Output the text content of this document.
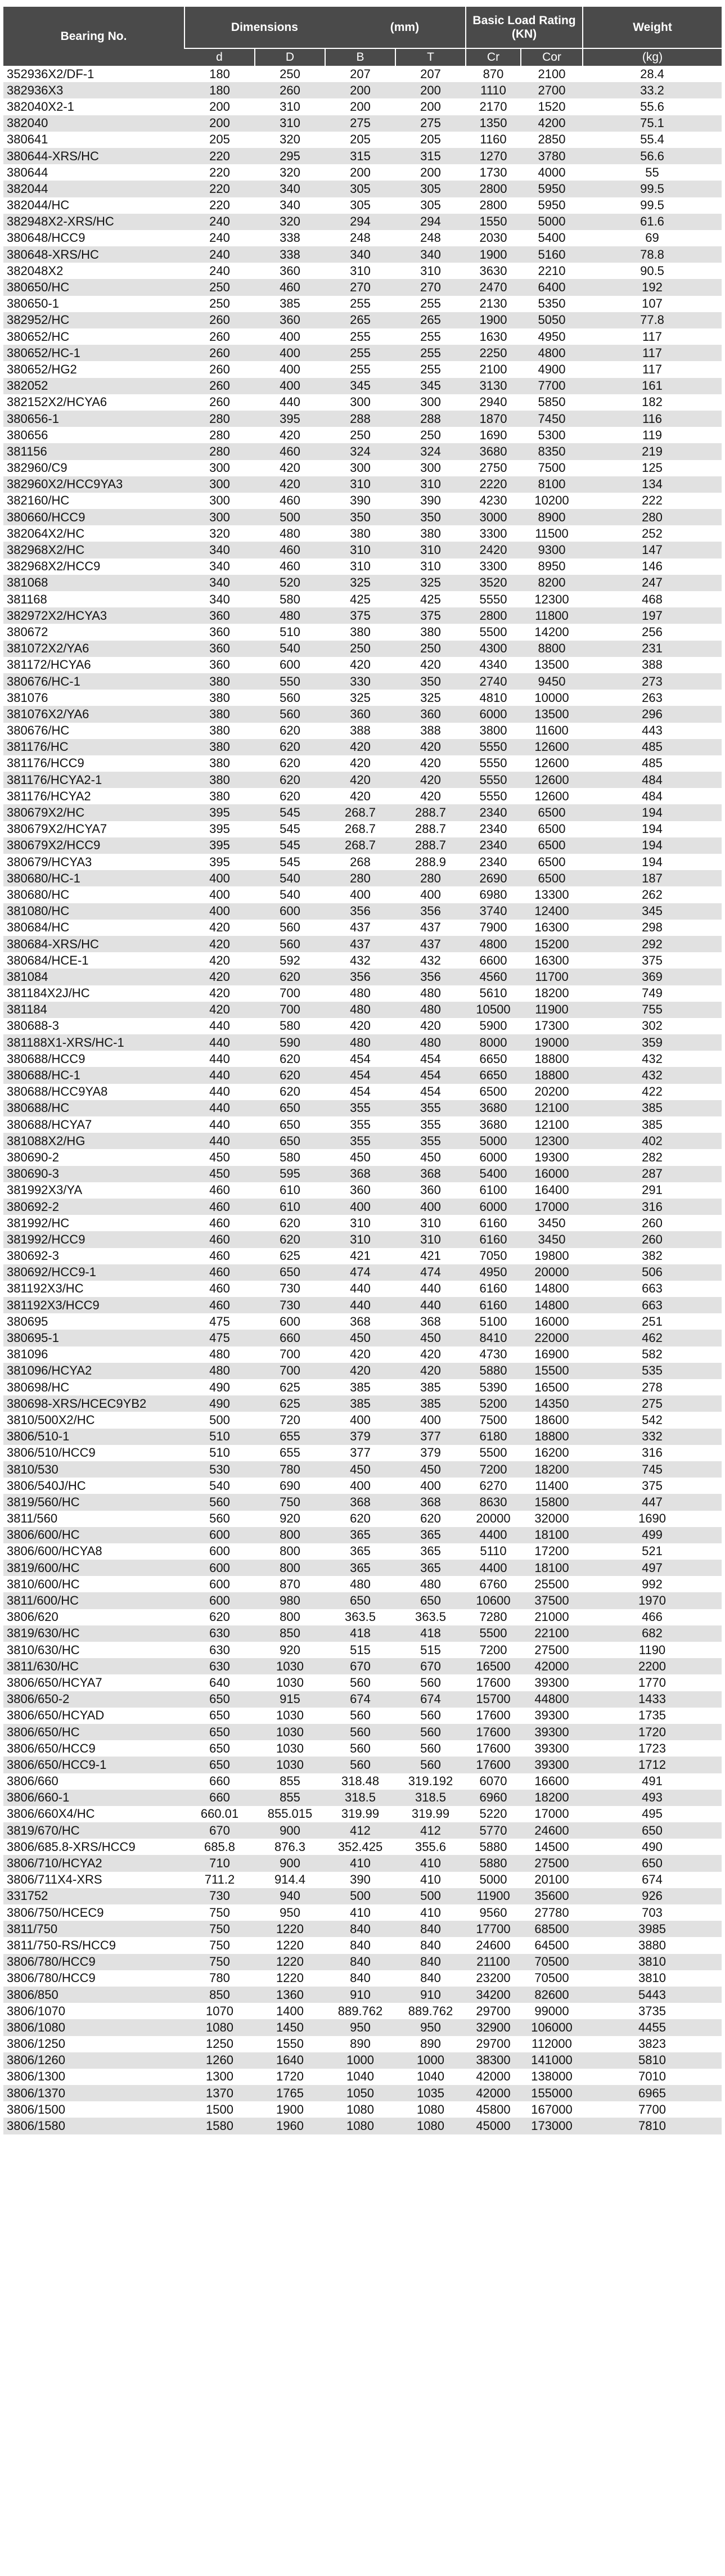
Bearing No.	Dimensions (mm)				Basic Load Rating (KN)		Weight
	d	D	B	T	Cr	Cor	(kg)
352936X2/DF-1	180	250	207	207	870	2100	28.4
382936X3	180	260	200	200	1110	2700	33.2
382040X2-1	200	310	200	200	2170	1520	55.6
382040	200	310	275	275	1350	4200	75.1
380641	205	320	205	205	1160	2850	55.4
380644-XRS/HC	220	295	315	315	1270	3780	56.6
380644	220	320	200	200	1730	4000	55
382044	220	340	305	305	2800	5950	99.5
382044/HC	220	340	305	305	2800	5950	99.5
382948X2-XRS/HC	240	320	294	294	1550	5000	61.6
380648/HCC9	240	338	248	248	2030	5400	69
380648-XRS/HC	240	338	340	340	1900	5160	78.8
382048X2	240	360	310	310	3630	2210	90.5
380650/HC	250	460	270	270	2470	6400	192
380650-1	250	385	255	255	2130	5350	107
382952/HC	260	360	265	265	1900	5050	77.8
380652/HC	260	400	255	255	1630	4950	117
380652/HC-1	260	400	255	255	2250	4800	117
380652/HG2	260	400	255	255	2100	4900	117
382052	260	400	345	345	3130	7700	161
382152X2/HCYA6	260	440	300	300	2940	5850	182
380656-1	280	395	288	288	1870	7450	116
380656	280	420	250	250	1690	5300	119
381156	280	460	324	324	3680	8350	219
382960/C9	300	420	300	300	2750	7500	125
382960X2/HCC9YA3	300	420	310	310	2220	8100	134
382160/HC	300	460	390	390	4230	10200	222
380660/HCC9	300	500	350	350	3000	8900	280
382064X2/HC	320	480	380	380	3300	11500	252
382968X2/HC	340	460	310	310	2420	9300	147
382968X2/HCC9	340	460	310	310	3300	8950	146
381068	340	520	325	325	3520	8200	247
381168	340	580	425	425	5550	12300	468
382972X2/HCYA3	360	480	375	375	2800	11800	197
380672	360	510	380	380	5500	14200	256
381072X2/YA6	360	540	250	250	4300	8800	231
381172/HCYA6	360	600	420	420	4340	13500	388
380676/HC-1	380	550	330	350	2740	9450	273
381076	380	560	325	325	4810	10000	263
381076X2/YA6	380	560	360	360	6000	13500	296
380676/HC	380	620	388	388	3800	11600	443
381176/HC	380	620	420	420	5550	12600	485
381176/HCC9	380	620	420	420	5550	12600	485
381176/HCYA2-1	380	620	420	420	5550	12600	484
381176/HCYA2	380	620	420	420	5550	12600	484
380679X2/HC	395	545	268.7	288.7	2340	6500	194
380679X2/HCYA7	395	545	268.7	288.7	2340	6500	194
380679X2/HCC9	395	545	268.7	288.7	2340	6500	194
380679/HCYA3	395	545	268	288.9	2340	6500	194
380680/HC-1	400	540	280	280	2690	6500	187
380680/HC	400	540	400	400	6980	13300	262
381080/HC	400	600	356	356	3740	12400	345
380684/HC	420	560	437	437	7900	16300	298
380684-XRS/HC	420	560	437	437	4800	15200	292
380684/HCE-1	420	592	432	432	6600	16300	375
381084	420	620	356	356	4560	11700	369
381184X2J/HC	420	700	480	480	5610	18200	749
381184	420	700	480	480	10500	11900	755
380688-3	440	580	420	420	5900	17300	302
381188X1-XRS/HC-1	440	590	480	480	8000	19000	359
380688/HCC9	440	620	454	454	6650	18800	432
380688/HC-1	440	620	454	454	6650	18800	432
380688/HCC9YA8	440	620	454	454	6500	20200	422
380688/HC	440	650	355	355	3680	12100	385
380688/HCYA7	440	650	355	355	3680	12100	385
381088X2/HG	440	650	355	355	5000	12300	402
380690-2	450	580	450	450	6000	19300	282
380690-3	450	595	368	368	5400	16000	287
381992X3/YA	460	610	360	360	6100	16400	291
380692-2	460	610	400	400	6000	17000	316
381992/HC	460	620	310	310	6160	3450	260
381992/HCC9	460	620	310	310	6160	3450	260
380692-3	460	625	421	421	7050	19800	382
380692/HCC9-1	460	650	474	474	4950	20000	506
381192X3/HC	460	730	440	440	6160	14800	663
381192X3/HCC9	460	730	440	440	6160	14800	663
380695	475	600	368	368	5100	16000	251
380695-1	475	660	450	450	8410	22000	462
381096	480	700	420	420	4730	16900	582
381096/HCYA2	480	700	420	420	5880	15500	535
380698/HC	490	625	385	385	5390	16500	278
380698-XRS/HCEC9YB2	490	625	385	385	5200	14350	275
3810/500X2/HC	500	720	400	400	7500	18600	542
3806/510-1	510	655	379	377	6180	18800	332
3806/510/HCC9	510	655	377	379	5500	16200	316
3810/530	530	780	450	450	7200	18200	745
3806/540J/HC	540	690	400	400	6270	11400	375
3819/560/HC	560	750	368	368	8630	15800	447
3811/560	560	920	620	620	20000	32000	1690
3806/600/HC	600	800	365	365	4400	18100	499
3806/600/HCYA8	600	800	365	365	5110	17200	521
3819/600/HC	600	800	365	365	4400	18100	497
3810/600/HC	600	870	480	480	6760	25500	992
3811/600/HC	600	980	650	650	10600	37500	1970
3806/620	620	800	363.5	363.5	7280	21000	466
3819/630/HC	630	850	418	418	5500	22100	682
3810/630/HC	630	920	515	515	7200	27500	1190
3811/630/HC	630	1030	670	670	16500	42000	2200
3806/650/HCYA7	640	1030	560	560	17600	39300	1770
3806/650-2	650	915	674	674	15700	44800	1433
3806/650/HCYAD	650	1030	560	560	17600	39300	1735
3806/650/HC	650	1030	560	560	17600	39300	1720
3806/650/HCC9	650	1030	560	560	17600	39300	1723
3806/650/HCC9-1	650	1030	560	560	17600	39300	1712
3806/660	660	855	318.48	319.192	6070	16600	491
3806/660-1	660	855	318.5	318.5	6960	18200	493
3806/660X4/HC	660.01	855.015	319.99	319.99	5220	17000	495
3819/670/HC	670	900	412	412	5770	24600	650
3806/685.8-XRS/HCC9	685.8	876.3	352.425	355.6	5880	14500	490
3806/710/HCYA2	710	900	410	410	5880	27500	650
3806/711X4-XRS	711.2	914.4	390	410	5000	20100	674
331752	730	940	500	500	11900	35600	926
3806/750/HCEC9	750	950	410	410	9560	27780	703
3811/750	750	1220	840	840	17700	68500	3985
3811/750-RS/HCC9	750	1220	840	840	24600	64500	3880
3806/780/HCC9	750	1220	840	840	21100	70500	3810
3806/780/HCC9	780	1220	840	840	23200	70500	3810
3806/850	850	1360	910	910	34200	82600	5443
3806/1070	1070	1400	889.762	889.762	29700	99000	3735
3806/1080	1080	1450	950	950	32900	106000	4455
3806/1250	1250	1550	890	890	29700	112000	3823
3806/1260	1260	1640	1000	1000	38300	141000	5810
3806/1300	1300	1720	1040	1040	42000	138000	7010
3806/1370	1370	1765	1050	1035	42000	155000	6965
3806/1500	1500	1900	1080	1080	45800	167000	7700
3806/1580	1580	1960	1080	1080	45000	173000	7810
